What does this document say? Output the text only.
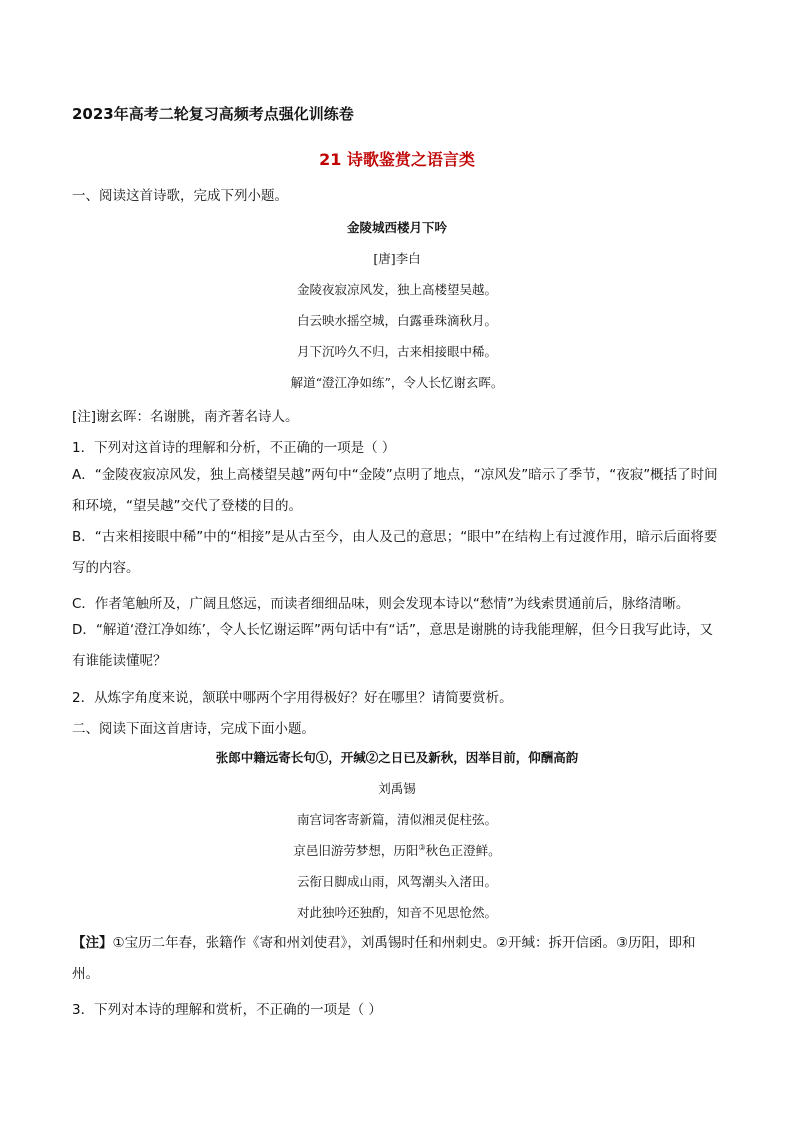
2023年高考二轮复习高频考点强化训练卷
21 诗歌鉴赏之语言类
一、阅读这首诗歌，完成下列小题。
金陵城西楼月下吟
[唐]李白
金陵夜寂凉风发，独上高楼望吴越。
白云映水摇空城，白露垂珠滴秋月。
月下沉吟久不归，古来相接眼中稀。
解道“澄江净如练”，令人长忆谢玄晖。
[注]谢玄晖：名谢朓，南齐著名诗人。
1．下列对这首诗的理解和分析，不正确的一项是（ ）
A．“金陵夜寂凉风发，独上高楼望吴越”两句中“金陵”点明了地点，“凉风发”暗示了季节，“夜寂”概括了时间和环境，“望吴越”交代了登楼的目的。
B．“古来相接眼中稀”中的“相接”是从古至今，由人及己的意思；“眼中”在结构上有过渡作用，暗示后面将要写的内容。
C．作者笔触所及，广阔且悠远，而读者细细品味，则会发现本诗以“愁情”为线索贯通前后，脉络清晰。
D．“解道‘澄江净如练’，令人长忆谢运晖”两句话中有“话”，意思是谢朓的诗我能理解，但今日我写此诗，又有谁能读懂呢？
2．从炼字角度来说，颔联中哪两个字用得极好？好在哪里？请简要赏析。
二、阅读下面这首唐诗，完成下面小题。
张郎中籍远寄长句①，开缄②之日已及新秋，因举目前，仰酬高韵
刘禹锡
南宫词客寄新篇，清似湘灵促柱弦。
京邑旧游劳梦想，历阳③秋色正澄鲜。
云衔日脚成山雨，风驾潮头入渚田。
对此独吟还独酌，知音不见思怆然。
【注】①宝历二年春，张籍作《寄和州刘使君》，刘禹锡时任和州刺史。②开缄：拆开信函。③历阳，即和州。
3．下列对本诗的理解和赏析，不正确的一项是（ ）
